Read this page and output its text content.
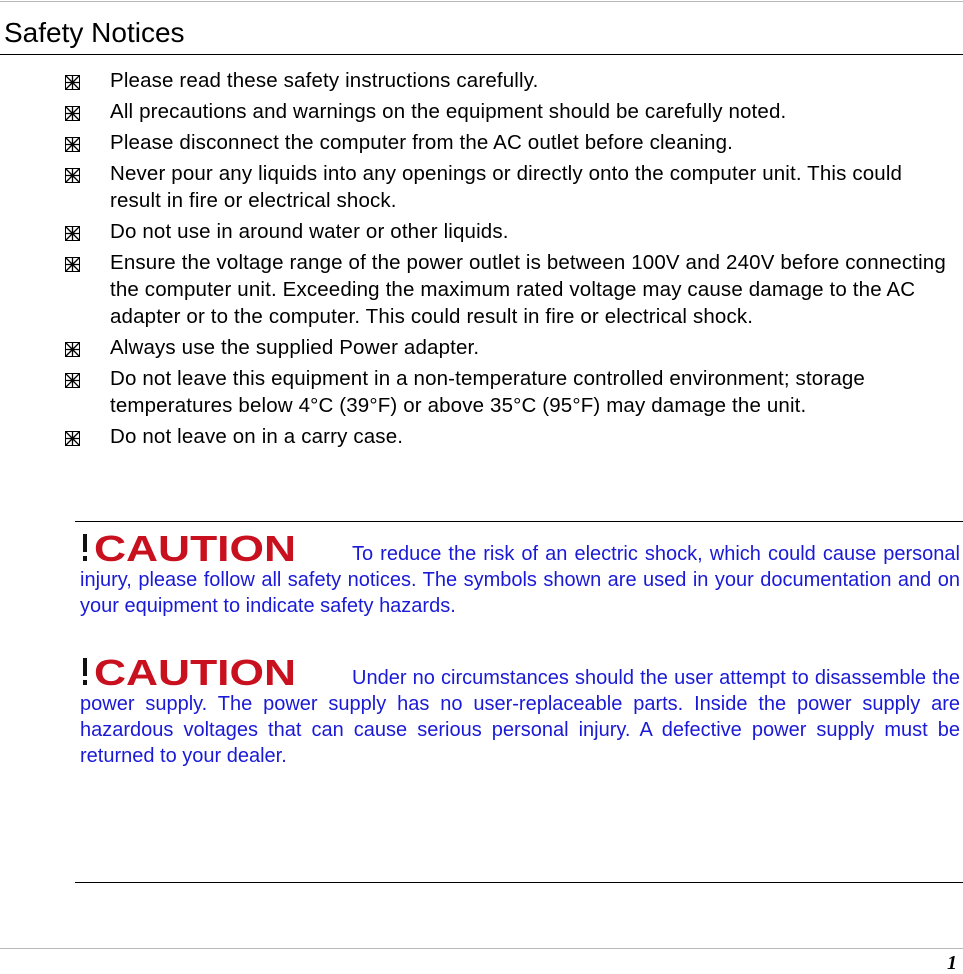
Safety Notices
Please read these safety instructions carefully.
All precautions and warnings on the equipment should be carefully noted.
Please disconnect the computer from the AC outlet before cleaning.
Never pour any liquids into any openings or directly onto the computer unit. This could result in fire or electrical shock.
Do not use in around water or other liquids.
Ensure the voltage range of the power outlet is between 100V and 240V before connecting the computer unit. Exceeding the maximum rated voltage may cause damage to the AC adapter or to the computer. This could result in fire or electrical shock.
Always use the supplied Power adapter.
Do not leave this equipment in a non-temperature controlled environment; storage temperatures below 4°C (39°F) or above 35°C (95°F) may damage the unit.
Do not leave on in a carry case.
CAUTION	To reduce the risk of an electric shock, which could cause personal injury, please follow all safety notices. The symbols shown are used in your documentation and on your equipment to indicate safety hazards.
CAUTION	Under no circumstances should the user attempt to disassemble the power supply. The power supply has no user-replaceable parts. Inside the power supply are hazardous voltages that can cause serious personal injury. A defective power supply must be returned to your dealer.
1
